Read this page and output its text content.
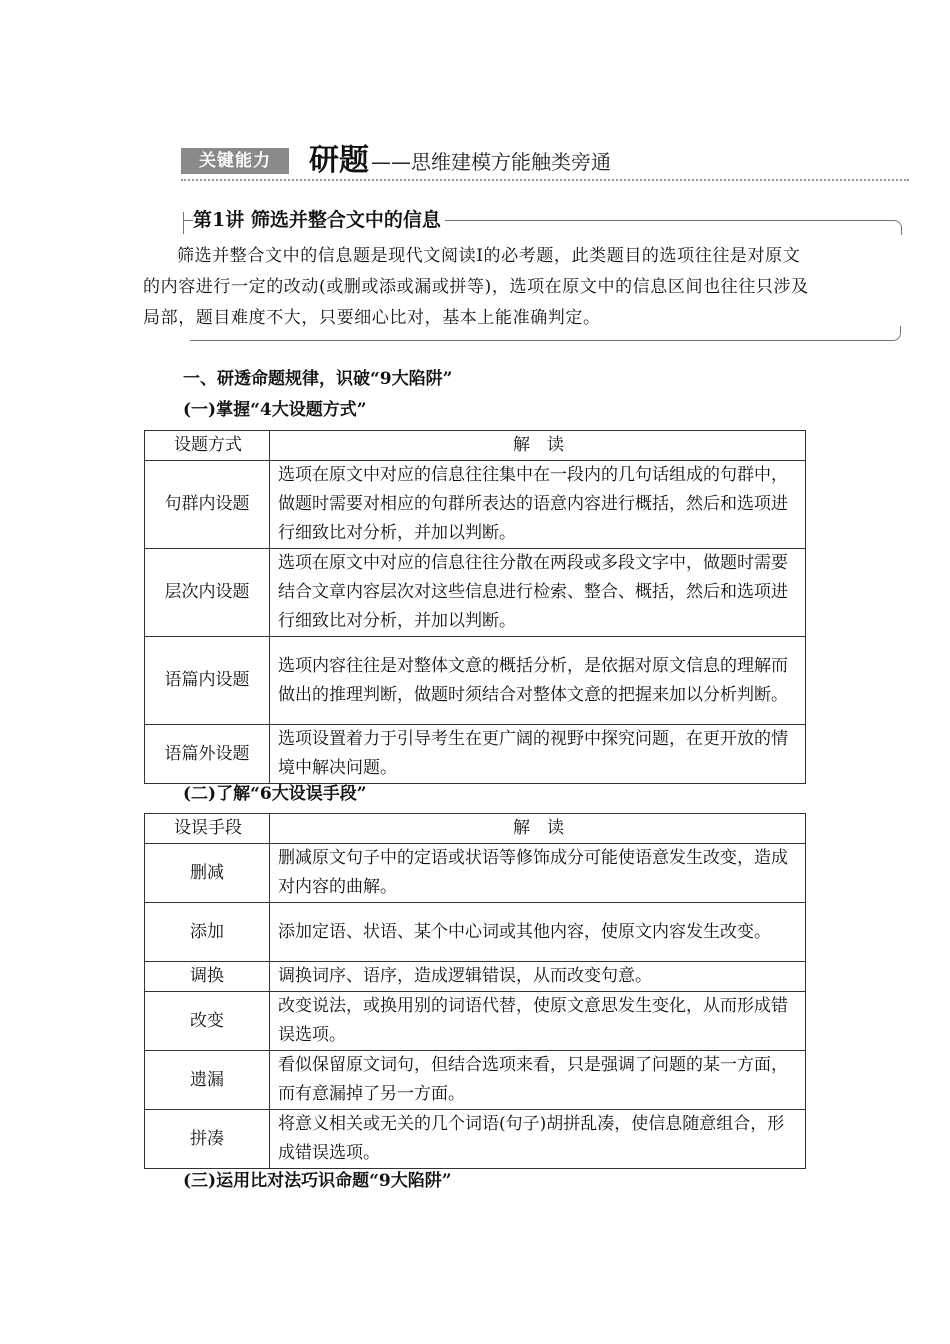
关键能力	研题 ——思维建模方能触类旁通
第1讲 筛选并整合文中的信息
筛选并整合文中的信息题是现代文阅读Ⅰ的必考题，此类题目的选项往往是对原文的内容进行一定的改动(或删或添或漏或拼等)，选项在原文中的信息区间也往往只涉及局部，题目难度不大，只要细心比对，基本上能准确判定。
一、研透命题规律，识破“9大陷阱”
(一)掌握“4大设题方式”
设题方式	解　读
句群内设题	选项在原文中对应的信息往往集中在一段内的几句话组成的句群中，做题时需要对相应的句群所表达的语意内容进行概括，然后和选项进行细致比对分析，并加以判断。
层次内设题	选项在原文中对应的信息往往分散在两段或多段文字中，做题时需要结合文章内容层次对这些信息进行检索、整合、概括，然后和选项进行细致比对分析，并加以判断。
语篇内设题	选项内容往往是对整体文意的概括分析，是依据对原文信息的理解而做出的推理判断，做题时须结合对整体文意的把握来加以分析判断。
语篇外设题	选项设置着力于引导考生在更广阔的视野中探究问题，在更开放的情境中解决问题。
(二)了解“6大设误手段”
设误手段	解　读
删减	删减原文句子中的定语或状语等修饰成分可能使语意发生改变，造成对内容的曲解。
添加	添加定语、状语、某个中心词或其他内容，使原文内容发生改变。
调换	调换词序、语序，造成逻辑错误，从而改变句意。
改变	改变说法，或换用别的词语代替，使原文意思发生变化，从而形成错误选项。
遗漏	看似保留原文词句，但结合选项来看，只是强调了问题的某一方面，而有意漏掉了另一方面。
拼凑	将意义相关或无关的几个词语(句子)胡拼乱凑，使信息随意组合，形成错误选项。
(三)运用比对法巧识命题“9大陷阱”
